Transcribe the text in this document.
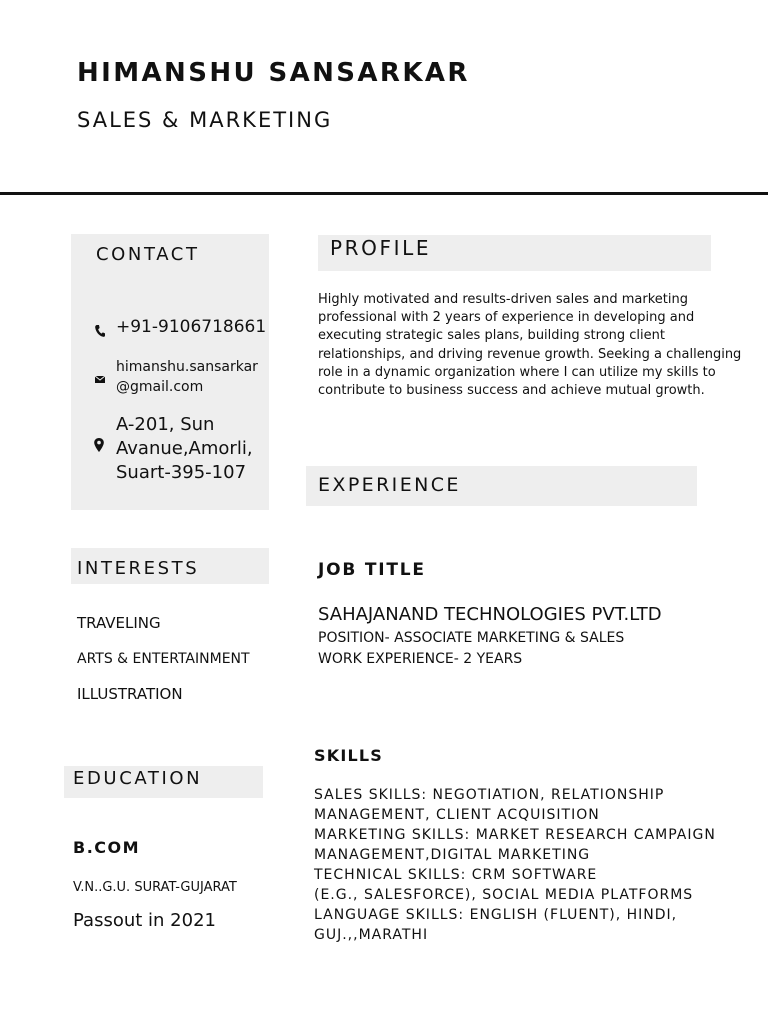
HIMANSHU SANSARKAR
SALES & MARKETING
CONTACT
+91-9106718661
himanshu.sansarkar
@gmail.com
A-201, Sun
Avanue,Amorli,
Suart-395-107
INTERESTS
TRAVELING
ARTS & ENTERTAINMENT
ILLUSTRATION
EDUCATION
B.COM
V.N..G.U. SURAT-GUJARAT
Passout in 2021
PROFILE
Highly motivated and results-driven sales and marketing professional with 2 years of experience in developing and executing strategic sales plans, building strong client relationships, and driving revenue growth. Seeking a challenging role in a dynamic organization where I can utilize my skills to contribute to business success and achieve mutual growth.
EXPERIENCE
JOB TITLE
SAHAJANAND TECHNOLOGIES PVT.LTD
POSITION- ASSOCIATE MARKETING & SALES
WORK EXPERIENCE- 2 YEARS
SKILLS
SALES SKILLS: NEGOTIATION, RELATIONSHIP
MANAGEMENT, CLIENT ACQUISITION
MARKETING SKILLS: MARKET RESEARCH CAMPAIGN
MANAGEMENT,DIGITAL MARKETING
TECHNICAL SKILLS: CRM SOFTWARE
(E.G., SALESFORCE), SOCIAL MEDIA PLATFORMS
LANGUAGE SKILLS: ENGLISH (FLUENT), HINDI,
GUJ.,,MARATHI
